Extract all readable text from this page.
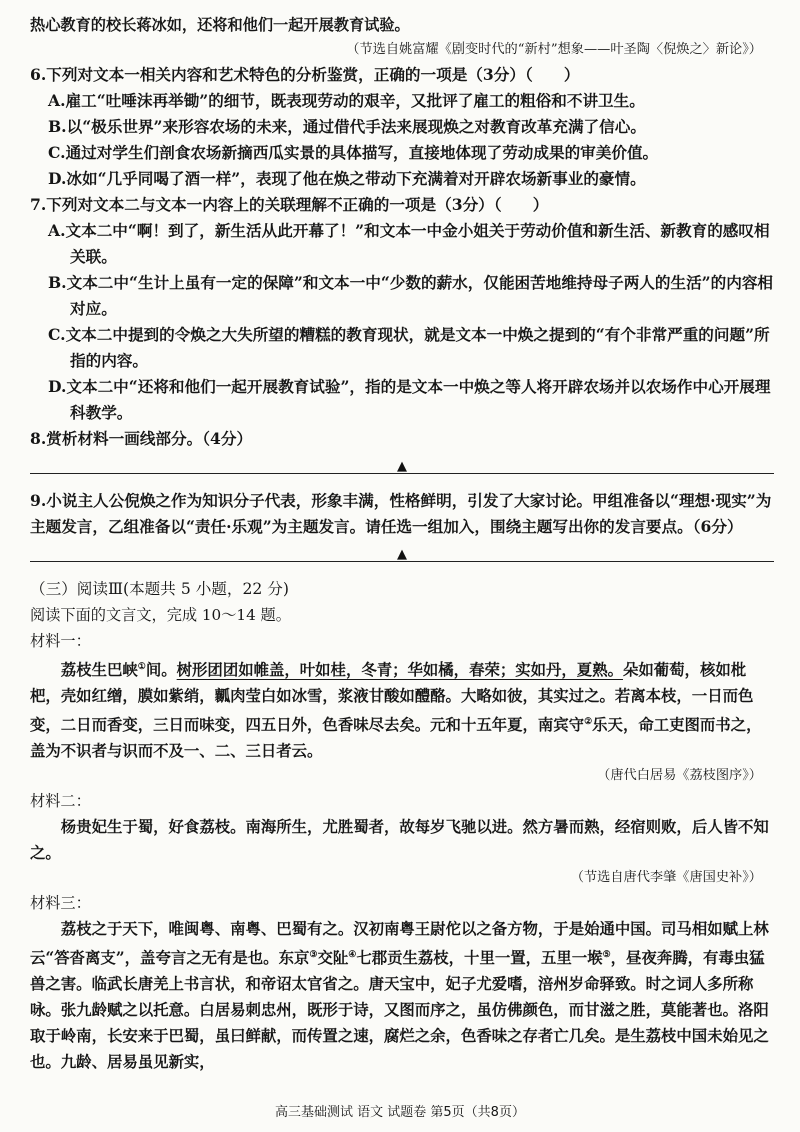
热心教育的校长蒋冰如，还将和他们一起开展教育试验。

（节选自姚富耀《剧变时代的“新村”想象——叶圣陶〈倪焕之〉新论》）

6.下列对文本一相关内容和艺术特色的分析鉴赏，正确的一项是（3分）（　　）

A.雇工“吐唾沫再举锄”的细节，既表现劳动的艰辛，又批评了雇工的粗俗和不讲卫生。

B.以“极乐世界”来形容农场的未来，通过借代手法来展现焕之对教育改革充满了信心。

C.通过对学生们剖食农场新摘西瓜实景的具体描写，直接地体现了劳动成果的审美价值。

D.冰如“几乎同喝了酒一样”，表现了他在焕之带动下充满着对开辟农场新事业的豪情。

7.下列对文本二与文本一内容上的关联理解不正确的一项是（3分）（　　）

A.文本二中“啊！到了，新生活从此开幕了！”和文本一中金小姐关于劳动价值和新生活、新教育的感叹相关联。

B.文本二中“生计上虽有一定的保障”和文本一中“少数的薪水，仅能困苦地维持母子两人的生活”的内容相对应。

C.文本二中提到的令焕之大失所望的糟糕的教育现状，就是文本一中焕之提到的“有个非常严重的问题”所指的内容。

D.文本二中“还将和他们一起开展教育试验”，指的是文本一中焕之等人将开辟农场并以农场作中心开展理科教学。

8.赏析材料一画线部分。（4分）

▲

9.小说主人公倪焕之作为知识分子代表，形象丰满，性格鲜明，引发了大家讨论。甲组准备以“理想·现实”为主题发言，乙组准备以“责任·乐观”为主题发言。请任选一组加入，围绕主题写出你的发言要点。（6分）

▲

（三）阅读Ⅲ(本题共 5 小题，22 分)

阅读下面的文言文，完成 10～14 题。

材料一：

荔枝生巴峡①间。树形团团如帷盖，叶如桂，冬青；华如橘，春荣；实如丹，夏熟。朵如葡萄，核如枇杷，壳如红缯，膜如紫绡，瓤肉莹白如冰雪，浆液甘酸如醴酪。大略如彼，其实过之。若离本枝，一日而色变，二日而香变，三日而味变，四五日外，色香味尽去矣。元和十五年夏，南宾守②乐天，命工吏图而书之，盖为不识者与识而不及一、二、三日者云。

（唐代白居易《荔枝图序》）

材料二：

杨贵妃生于蜀，好食荔枝。南海所生，尤胜蜀者，故每岁飞驰以进。然方暑而熟，经宿则败，后人皆不知之。

（节选自唐代李肇《唐国史补》）

材料三：

荔枝之于天下，唯闽粤、南粤、巴蜀有之。汉初南粤王尉佗以之备方物，于是始通中国。司马相如赋上林云“答沓离支”，盖夸言之无有是也。东京③交阯④七郡贡生荔枝，十里一置，五里一堠⑤，昼夜奔腾，有毒虫猛兽之害。临武长唐羌上书言状，和帝诏太官省之。唐天宝中，妃子尤爱嗜，涪州岁命驿致。时之词人多所称咏。张九龄赋之以托意。白居易刺忠州，既形于诗，又图而序之，虽仿佛颜色，而甘滋之胜，莫能著也。洛阳取于岭南，长安来于巴蜀，虽曰鲜献，而传置之速，腐烂之余，色香味之存者亡几矣。是生荔枝中国未始见之也。九龄、居易虽见新实，

高三基础测试 语文 试题卷 第5页（共8页）
